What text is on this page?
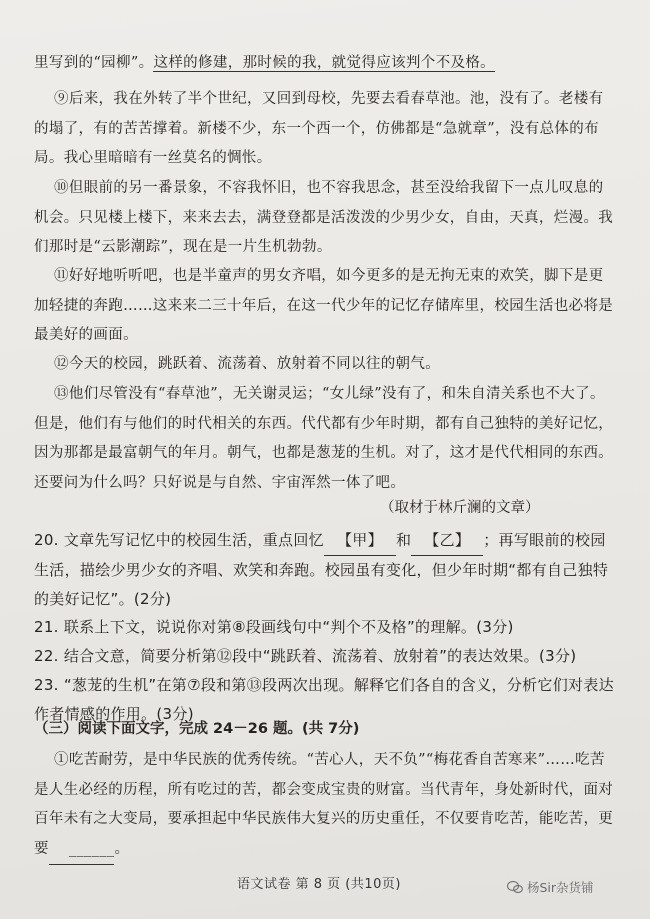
里写到的“园柳”。这样的修建，那时候的我，就觉得应该判个不及格。
⑨后来，我在外转了半个世纪，又回到母校，先要去看春草池。池，没有了。老楼有的塌了，有的苦苦撑着。新楼不少，东一个西一个，仿佛都是“急就章”，没有总体的布局。我心里暗暗有一丝莫名的惆怅。
⑩但眼前的另一番景象，不容我怀旧，也不容我思念，甚至没给我留下一点儿叹息的机会。只见楼上楼下，来来去去，满登登都是活泼泼的少男少女，自由，天真，烂漫。我们那时是“云影潮踪”，现在是一片生机勃勃。
⑪好好地听听吧，也是半童声的男女齐唱，如今更多的是无拘无束的欢笑，脚下是更加轻捷的奔跑……这来来二三十年后，在这一代少年的记忆存储库里，校园生活也必将是最美好的画面。
⑫今天的校园，跳跃着、流荡着、放射着不同以往的朝气。
⑬他们尽管没有“春草池”，无关谢灵运；“女儿绿”没有了，和朱自清关系也不大了。但是，他们有与他们的时代相关的东西。代代都有少年时期，都有自己独特的美好记忆，因为那都是最富朝气的年月。朝气，也都是葱茏的生机。对了，这才是代代相同的东西。还要问为什么吗？只好说是与自然、宇宙浑然一体了吧。
（取材于林斤澜的文章）
20. 文章先写记忆中的校园生活，重点回忆 【甲】 和 【乙】 ；再写眼前的校园生活，描绘少男少女的齐唱、欢笑和奔跑。校园虽有变化，但少年时期“都有自己独特的美好记忆”。(2分)
21. 联系上下文，说说你对第⑧段画线句中“判个不及格”的理解。(3分)
22. 结合文意，简要分析第⑫段中“跳跃着、流荡着、放射着”的表达效果。(3分)
23. “葱茏的生机”在第⑦段和第⑬段两次出现。解释它们各自的含义，分析它们对表达作者情感的作用。(3分)
（三）阅读下面文字，完成 24－26 题。(共 7分)
①吃苦耐劳，是中华民族的优秀传统。“苦心人，天不负”“梅花香自苦寒来”……吃苦是人生必经的历程，所有吃过的苦，都会变成宝贵的财富。当代青年，身处新时代，面对百年未有之大变局，要承担起中华民族伟大复兴的历史重任，不仅要肯吃苦，能吃苦，更要 ______。
语文试卷 第 8 页 (共10页)	杨Sir杂货铺
